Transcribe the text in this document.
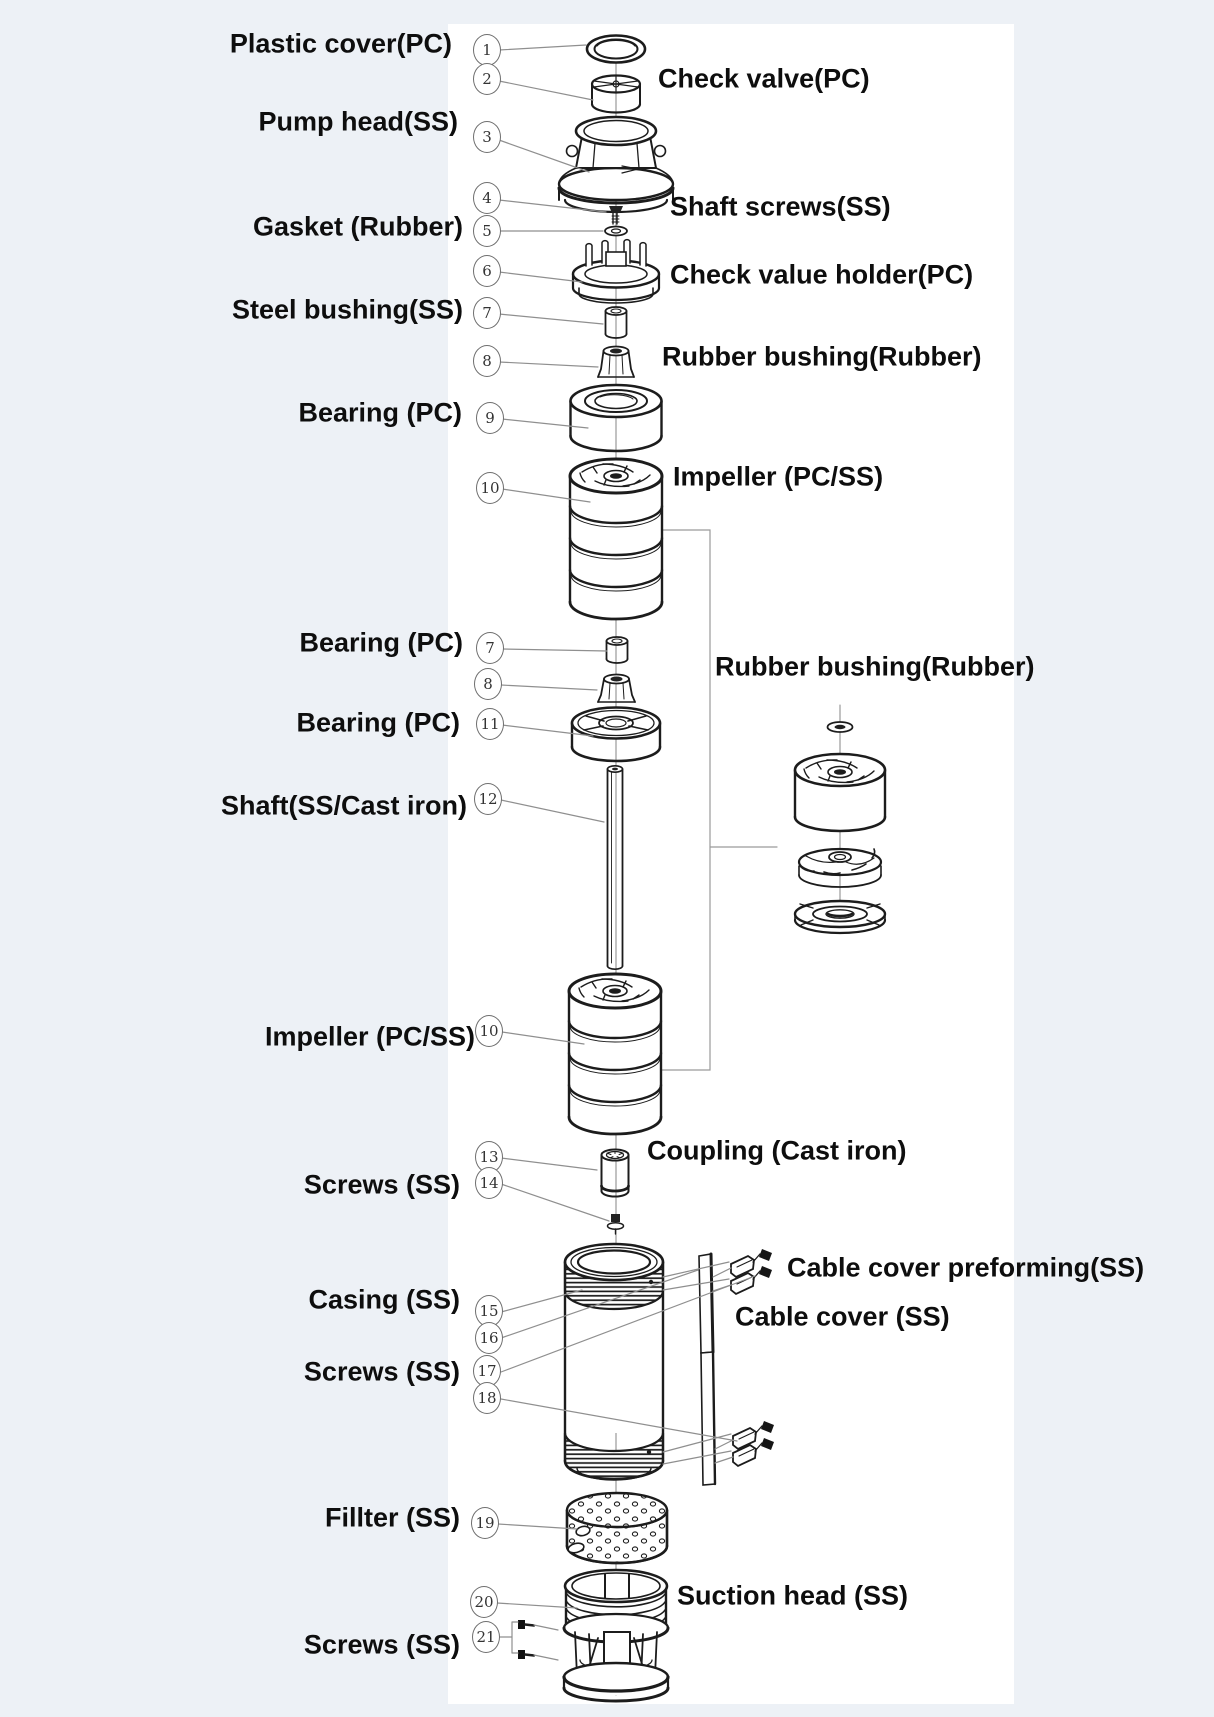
Plastic cover(PC)
Pump head(SS)
Gasket (Rubber)
Steel bushing(SS)
Bearing (PC)
Bearing (PC)
Bearing (PC)
Shaft(SS/Cast iron)
Impeller (PC/SS)
Screws (SS)
Casing (SS)
Screws (SS)
Fillter (SS)
Screws (SS)
Check valve(PC)
Shaft screws(SS)
Check value holder(PC)
Rubber bushing(Rubber)
Impeller (PC/SS)
Rubber bushing(Rubber)
Coupling (Cast iron)
Cable cover preforming(SS)
Cable cover (SS)
Suction head (SS)
1
2
3
4
5
6
7
8
9
10
7
8
11
12
10
13
14
15
16
17
18
19
20
21
